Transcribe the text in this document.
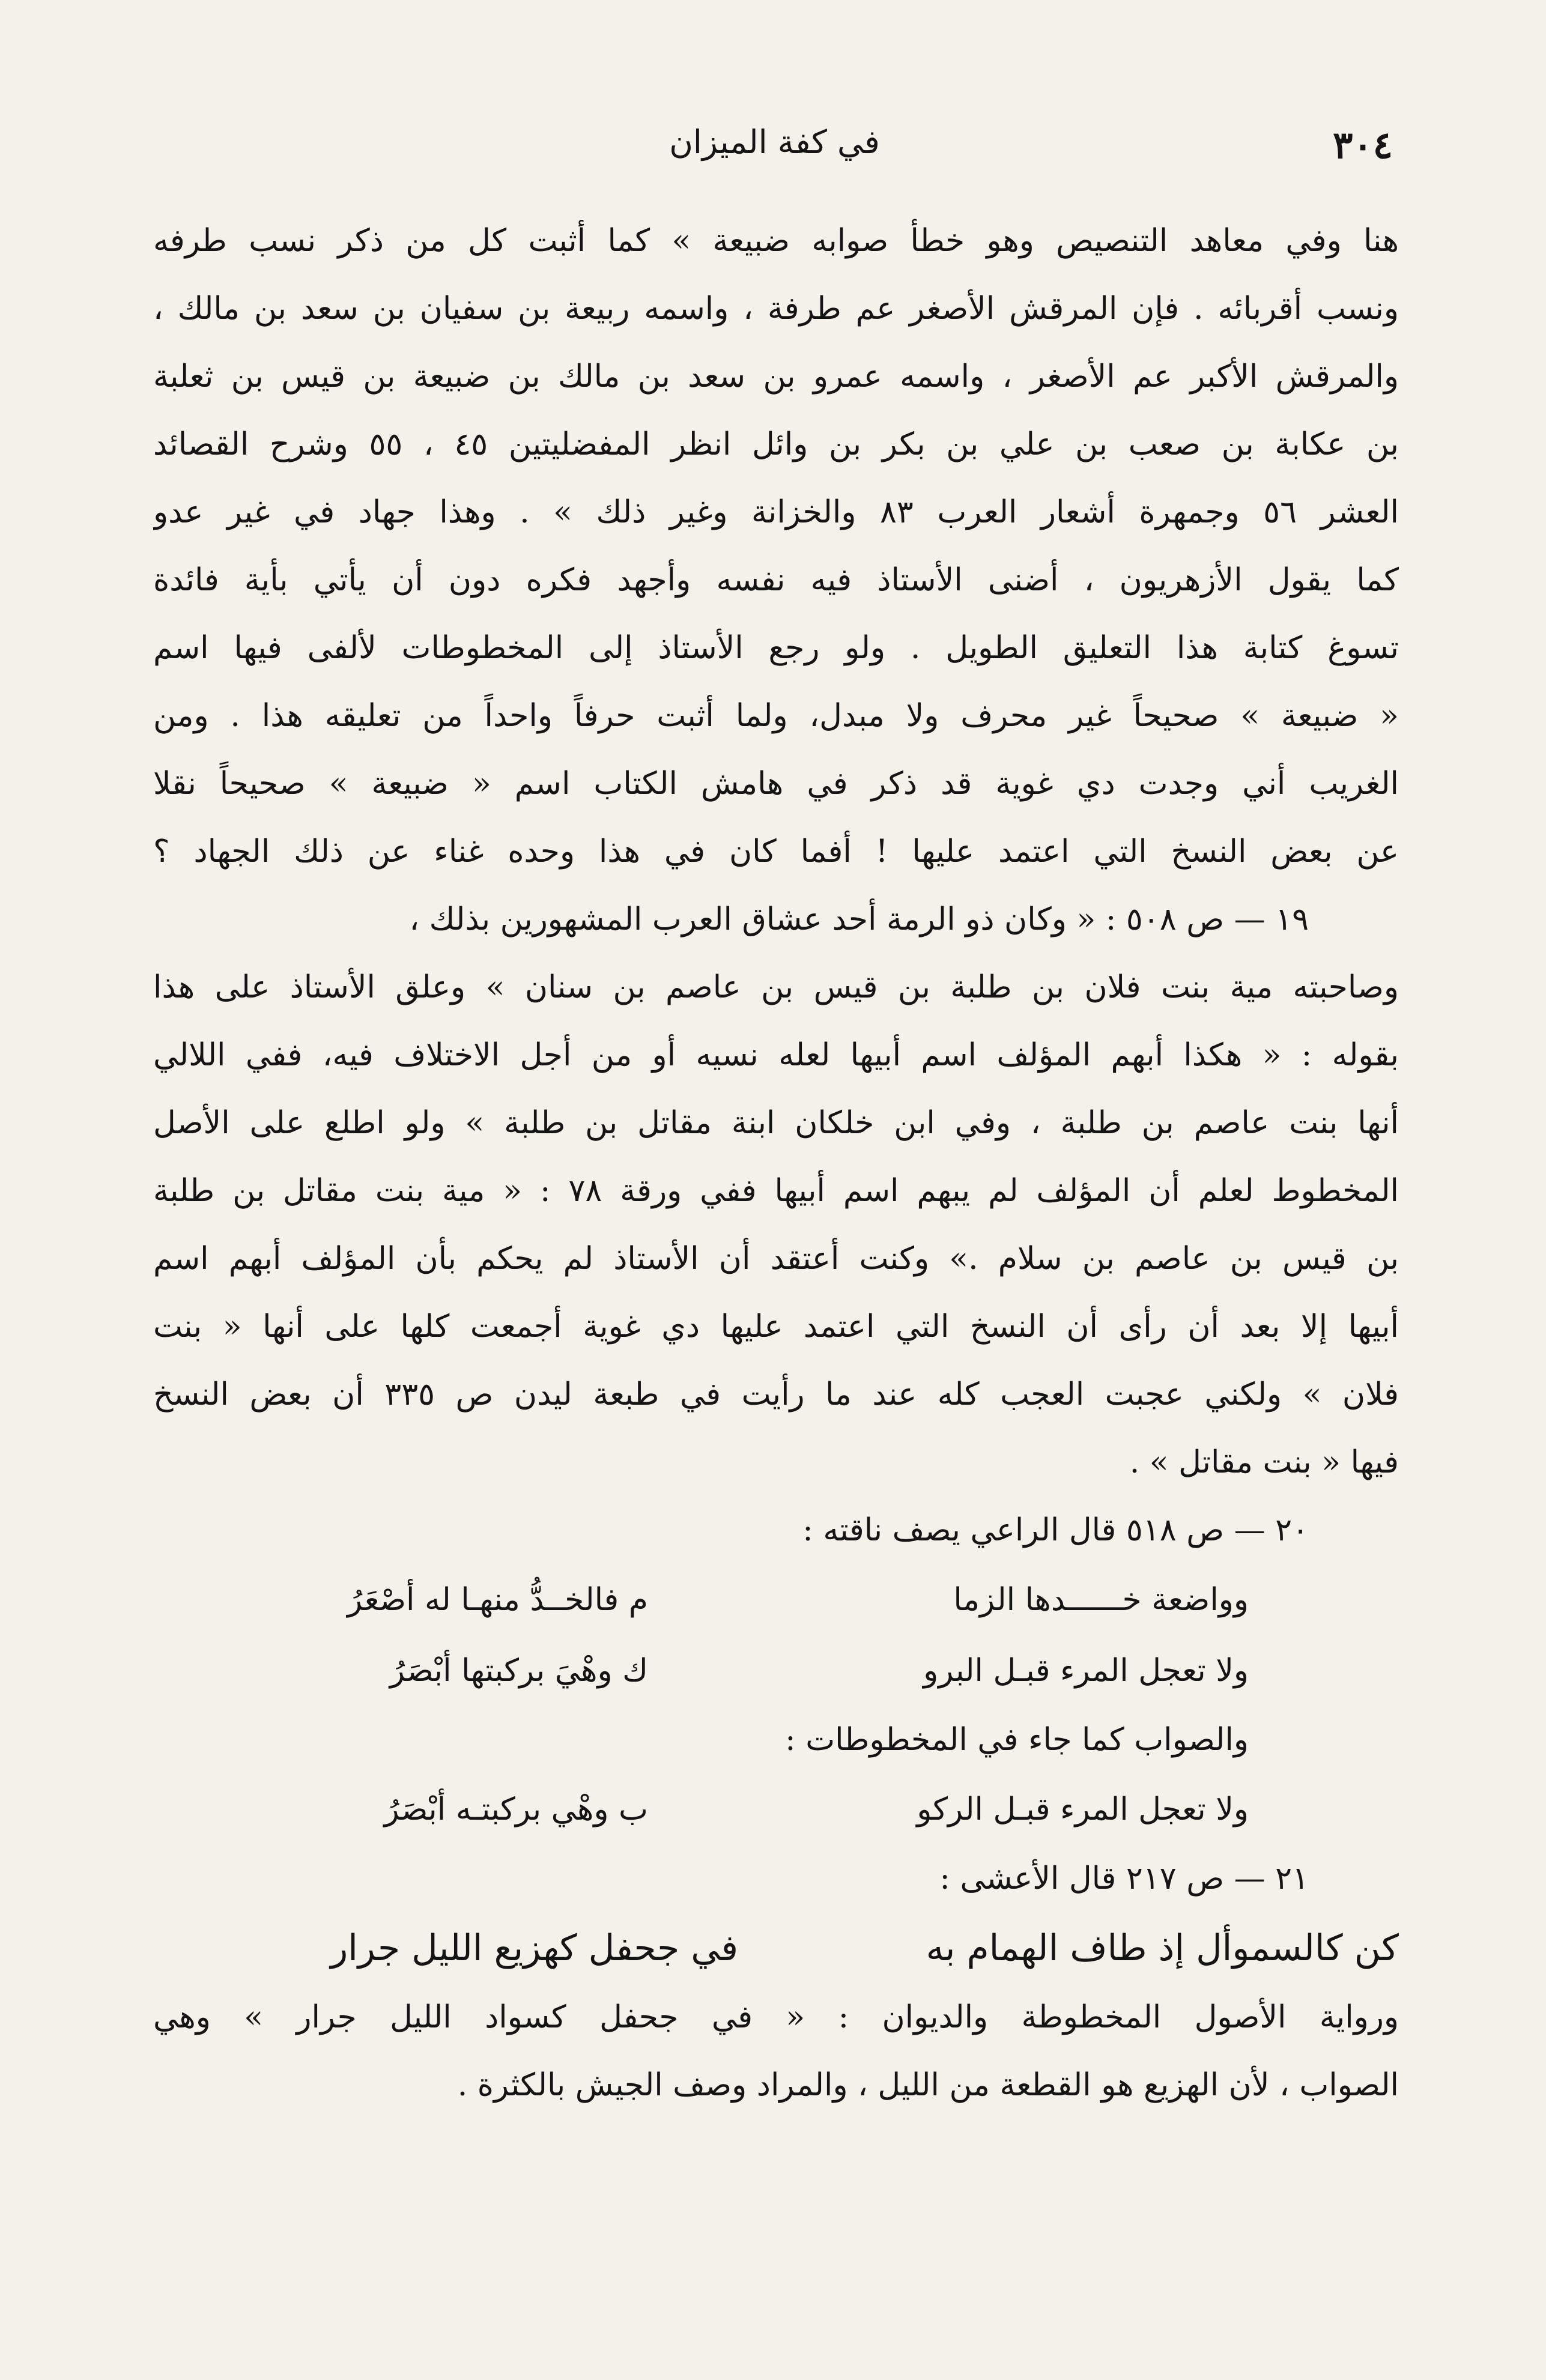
٣٠٤
في كفة الميزان
هنا وفي معاهد التنصيص وهو خطأ صوابه ضبيعة » كما أثبت كل من ذكر نسب طرفه
ونسب أقربائه . فإن المرقش الأصغر عم طرفة ، واسمه ربيعة بن سفيان بن سعد بن مالك ،
والمرقش الأكبر عم الأصغر ، واسمه عمرو بن سعد بن مالك بن ضبيعة بن قيس بن ثعلبة
بن عكابة بن صعب بن علي بن بكر بن وائل انظر المفضليتين ٤٥ ، ٥٥ وشرح القصائد
العشر ٥٦ وجمهرة أشعار العرب ٨٣ والخزانة وغير ذلك » . وهذا جهاد في غير عدو
كما يقول الأزهريون ، أضنى الأستاذ فيه نفسه وأجهد فكره دون أن يأتي بأية فائدة
تسوغ كتابة هذا التعليق الطويل . ولو رجع الأستاذ إلى المخطوطات لألفى فيها اسم
« ضبيعة » صحيحاً غير محرف ولا مبدل، ولما أثبت حرفاً واحداً من تعليقه هذا . ومن
الغريب أني وجدت دي غوية قد ذكر في هامش الكتاب اسم « ضبيعة » صحيحاً نقلا
عن بعض النسخ التي اعتمد عليها ! أفما كان في هذا وحده غناء عن ذلك الجهاد ؟
١٩ — ص ٥٠٨ : « وكان ذو الرمة أحد عشاق العرب المشهورين بذلك ،
وصاحبته مية بنت فلان بن طلبة بن قيس بن عاصم بن سنان » وعلق الأستاذ على هذا
بقوله : « هكذا أبهم المؤلف اسم أبيها لعله نسيه أو من أجل الاختلاف فيه، ففي اللالي
أنها بنت عاصم بن طلبة ، وفي ابن خلكان ابنة مقاتل بن طلبة » ولو اطلع على الأصل
المخطوط لعلم أن المؤلف لم يبهم اسم أبيها ففي ورقة ٧٨ : « مية بنت مقاتل بن طلبة
بن قيس بن عاصم بن سلام .» وكنت أعتقد أن الأستاذ لم يحكم بأن المؤلف أبهم اسم
أبيها إلا بعد أن رأى أن النسخ التي اعتمد عليها دي غوية أجمعت كلها على أنها « بنت
فلان » ولكني عجبت العجب كله عند ما رأيت في طبعة ليدن ص ٣٣٥ أن بعض النسخ
فيها « بنت مقاتل » .
٢٠ — ص ٥١٨ قال الراعي يصف ناقته :
وواضعة خــــــدها الزما
م فالخــدُّ منهـا له أصْعَرُ
ولا تعجل المرء قبـل البرو
ك وهْيَ بركبتها أبْصَرُ
والصواب كما جاء في المخطوطات :
ولا تعجل المرء قبـل الركو
ب وهْي بركبتـه أبْصَرُ
٢١ — ص ٢١٧ قال الأعشى :
كن كالسموأل إذ طاف الهمام به
في جحفل كهزيع الليل جرار
ورواية الأصول المخطوطة والديوان : « في جحفل كسواد الليل جرار » وهي
الصواب ، لأن الهزيع هو القطعة من الليل ، والمراد وصف الجيش بالكثرة .
